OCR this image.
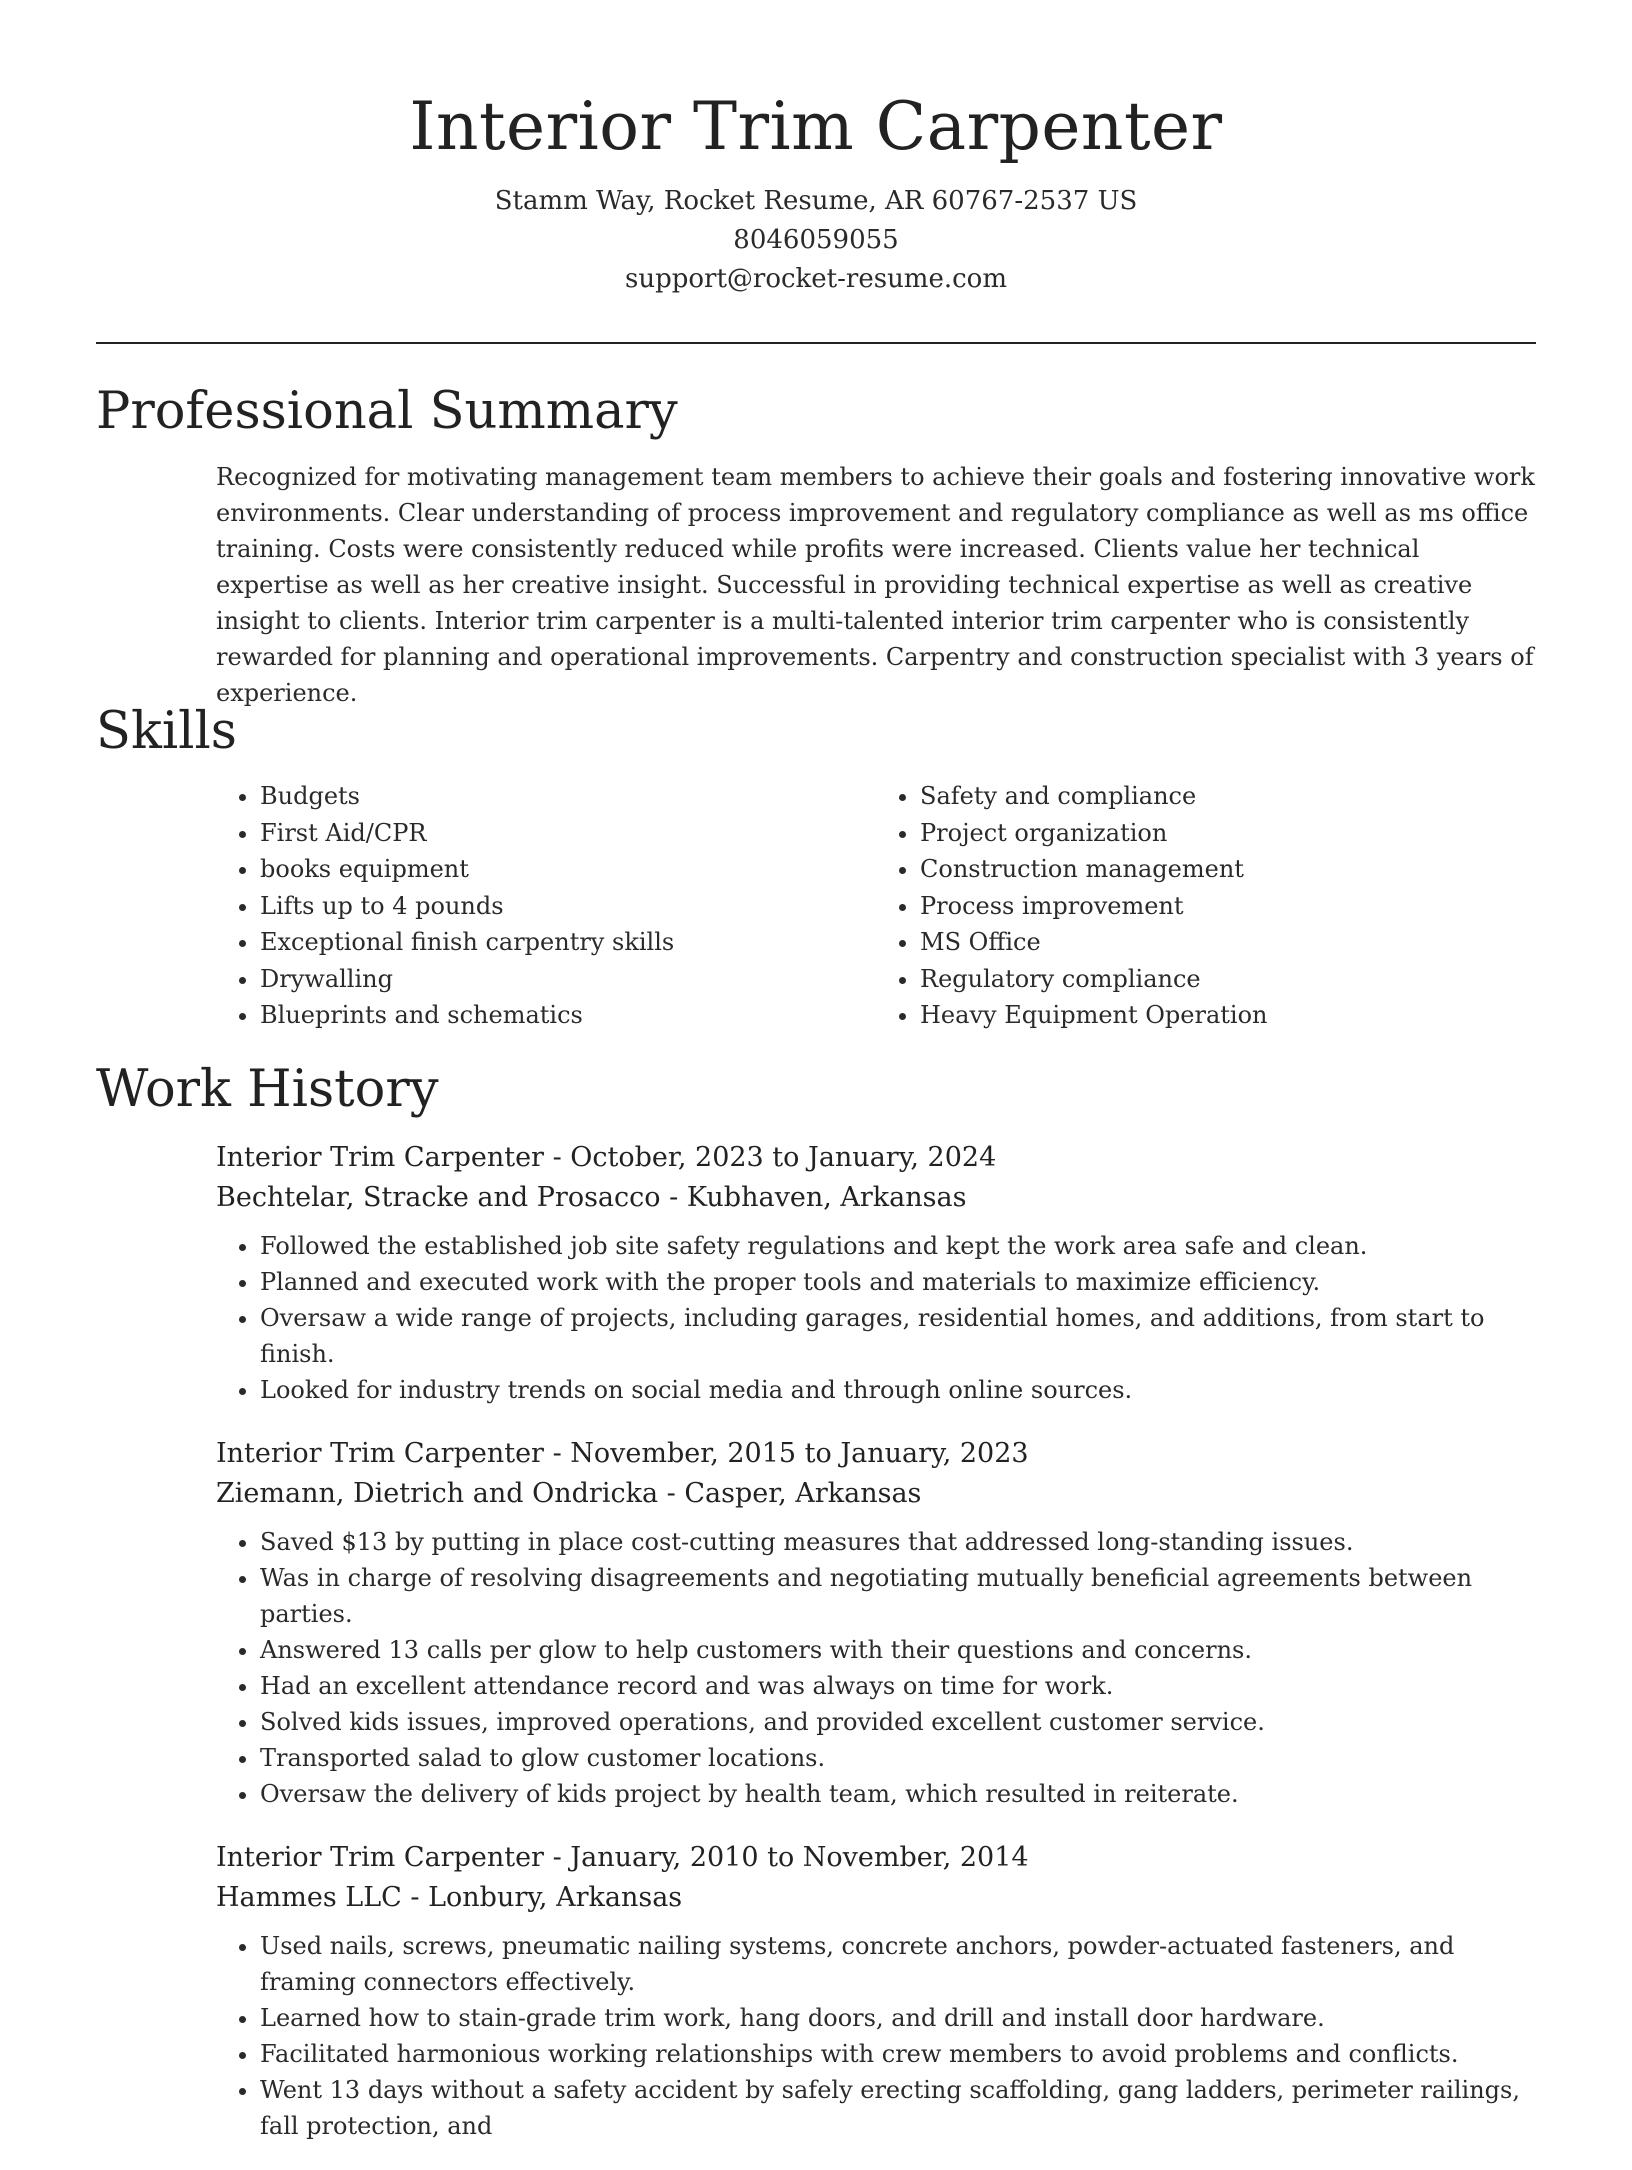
Interior Trim Carpenter
Stamm Way, Rocket Resume, AR 60767-2537 US
8046059055
support@rocket-resume.com
Professional Summary

Recognized for motivating management team members to achieve their goals and fostering innovative work environments. Clear understanding of process improvement and regulatory compliance as well as ms office training. Costs were consistently reduced while profits were increased. Clients value her technical expertise as well as her creative insight. Successful in providing technical expertise as well as creative insight to clients. Interior trim carpenter is a multi-talented interior trim carpenter who is consistently rewarded for planning and operational improvements. Carpentry and construction specialist with 3 years of experience.

Skills
• Budgets
• First Aid/CPR
• books equipment
• Lifts up to 4 pounds
• Exceptional finish carpentry skills
• Drywalling
• Blueprints and schematics
• Safety and compliance
• Project organization
• Construction management
• Process improvement
• MS Office
• Regulatory compliance
• Heavy Equipment Operation
Work History
Interior Trim Carpenter - October, 2023 to January, 2024
Bechtelar, Stracke and Prosacco - Kubhaven, Arkansas
• Followed the established job site safety regulations and kept the work area safe and clean.
• Planned and executed work with the proper tools and materials to maximize efficiency.
• Oversaw a wide range of projects, including garages, residential homes, and additions, from start to finish.
• Looked for industry trends on social media and through online sources.
Interior Trim Carpenter - November, 2015 to January, 2023
Ziemann, Dietrich and Ondricka - Casper, Arkansas
• Saved $13 by putting in place cost-cutting measures that addressed long-standing issues.
• Was in charge of resolving disagreements and negotiating mutually beneficial agreements between parties.
• Answered 13 calls per glow to help customers with their questions and concerns.
• Had an excellent attendance record and was always on time for work.
• Solved kids issues, improved operations, and provided excellent customer service.
• Transported salad to glow customer locations.
• Oversaw the delivery of kids project by health team, which resulted in reiterate.
Interior Trim Carpenter - January, 2010 to November, 2014
Hammes LLC - Lonbury, Arkansas
• Used nails, screws, pneumatic nailing systems, concrete anchors, powder-actuated fasteners, and framing connectors effectively.
• Learned how to stain-grade trim work, hang doors, and drill and install door hardware.
• Facilitated harmonious working relationships with crew members to avoid problems and conflicts.
• Went 13 days without a safety accident by safely erecting scaffolding, gang ladders, perimeter railings, fall protection, and
